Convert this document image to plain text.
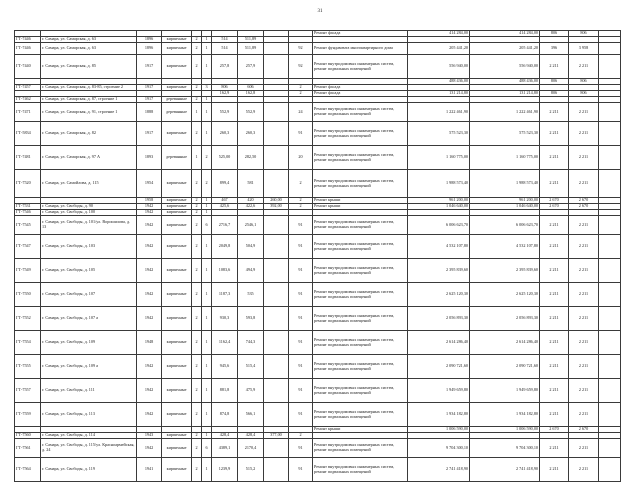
31
										Ремонт фасада	414 284,00	414 284,00	806	806	
ГТ-7446	г. Самара, ул. Самарская, д. 63	1896	кирпичные	2	1	514	511,89								
ГТ-7446	г. Самара, ул. Самарская, д. 63	1896	кирпичные	2	1	514	511,89		92	Ремонт фундамента многоквартирного дома	205 441,20	205 441,20	396	3 958	
ГТ-7440	г. Самара, ул. Самарская, д. 85	1917	кирпичные	2	1	257,8	257,9		92	Ремонт внутридомовых инженерных систем, ремонт подвальных помещений	556 940,00	556 940,00	2 211	2 211	
											488 436,00	488 436,00	806	806	
ГТ-7457	г. Самара, ул. Самарская, д. 83-85, строение 2	1917	кирпичные	2	3	806	606		2	Ремонт фасада					
						162,9	162,8		2	Ремонт фасада	131 214,80	131 214,80	806	806	
ГТ-7462	г. Самара, ул. Самарская, д. 87, строение 1	1917	деревянные	2	1										
ГТ-7471	г. Самара, ул. Самарская, д. 91, строение 1	1888	деревянные	1	1	552,9	552,9		24	Ремонт внутридомовых инженерных систем, ремонт подвальных помещений	1 222 461,90	1 222 461,90	2 211	2 211	
ГТ-5834	г. Самара, ул. Самарская, д. 82	1917	кирпичные	2	1	260,3	260,3		91	Ремонт внутридомовых инженерных систем, ремонт подвальных помещений	575 523,30	575 523,30	2 211	2 211	
ГТ-7481	г. Самара, ул. Самарская, д. 97 А	1893	деревянные	1	2	525,00	282,50		20	Ремонт внутридомовых инженерных систем, ремонт подвальных помещений	1 160 775,00	1 160 775,00	2 211	2 211	
ГТ-7520	г. Самара, ул. Самойлова, д. 115	1954	кирпичные	2	2	899,4	581		2	Ремонт внутридомовых инженерных систем, ремонт подвальных помещений	1 988 573,40	1 988 573,40	2 211	2 211	
		1958	кирпичные	2	1	467	420	260,00	2	Ремонт крыши	961 200,00	961 200,00	2 670	2 670	
ГТ-7531	г. Самара, ул. Свободы, д. 90	1942	кирпичные	2	1	425,6	422,6	392,00	2	Ремонт крыши	1 046 640,00	1 046 640,00	2 670	2 670	
ГТ-7546	г. Самара, ул. Свободы, д. 100	1942	кирпичные	2	1										
ГТ-7545	г. Самара, ул. Свободы, д. 101/ул. Ворошилова, д. 13	1942	кирпичные	2	6	2716,7	2546,1		91	Ремонт внутридомовых инженерных систем, ремонт подвальных помещений	6 006 623,70	6 006 623,70	2 211	2 211	
ГТ-7547	г. Самара, ул. Свободы, д. 103	1942	кирпичные	2	1	2049,8	504,9		91	Ремонт внутридомовых инженерных систем, ремонт подвальных помещений	4 532 107,80	4 532 107,80	2 211	2 211	
ГТ-7549	г. Самара, ул. Свободы, д. 105	1942	кирпичные	2	1	1083,6	494,9		91	Ремонт внутридомовых инженерных систем, ремонт подвальных помещений	2 395 839,60	2 395 839,60	2 211	2 211	
ГТ-7550	г. Самара, ул. Свободы, д. 107	1942	кирпичные	2	1	1187,3	535		91	Ремонт внутридомовых инженерных систем, ремонт подвальных помещений	2 625 120,30	2 625 120,30	2 211	2 211	
ГТ-7552	г. Самара, ул. Свободы, д. 107 а	1942	кирпичные	2	1	930,3	593,8		91	Ремонт внутридомовых инженерных систем, ремонт подвальных помещений	2 056 893,30	2 056 893,30	2 211	2 211	
ГТ-7554	г. Самара, ул. Свободы, д. 109	1948	кирпичные	2	1	1162,4	744,3		91	Ремонт внутридомовых инженерных систем, ремонт подвальных помещений	2 614 286,40	2 614 286,40	2 211	2 211	
ГТ-7555	г. Самара, ул. Свободы, д. 109 а	1942	кирпичные	2	1	945,6	515,4		91	Ремонт внутридомовых инженерных систем, ремонт подвальных помещений	2 090 721,60	2 090 721,60	2 211	2 211	
ГТ-7557	г. Самара, ул. Свободы, д. 111	1942	кирпичные	2	1	881,8	475,9		91	Ремонт внутридомовых инженерных систем, ремонт подвальных помещений	1 949 659,80	1 949 659,80	2 211	2 211	
ГТ-7559	г. Самара, ул. Свободы, д. 113	1942	кирпичные	2	1	874,8	566,1		91	Ремонт внутридомовых инженерных систем, ремонт подвальных помещений	1 934 182,80	1 934 182,80	2 211	2 211	
										Ремонт крыши	1 006 590,00	1 006 590,00	2 670	2 670	
ГТ-7560	г. Самара, ул. Свободы, д. 114	1943	кирпичные	2	1	428,4	428,4	377,00	2						
ГТ-7561	г. Самара, ул. Свободы, д. 115/ул. Красноармейская, д. 24	1942	кирпичные	2	6	4389,1	2170,4		91	Ремонт внутридомовых инженерных систем, ремонт подвальных помещений	9 704 300,10	9 704 300,10	2 211	2 211	
ГТ-7564	г. Самара, ул. Свободы, д. 119	1941	кирпичные	2	1	1239,9	515,2		91	Ремонт внутридомовых инженерных систем, ремонт подвальных помещений	2 741 418,90	2 741 418,90	2 211	2 211	
